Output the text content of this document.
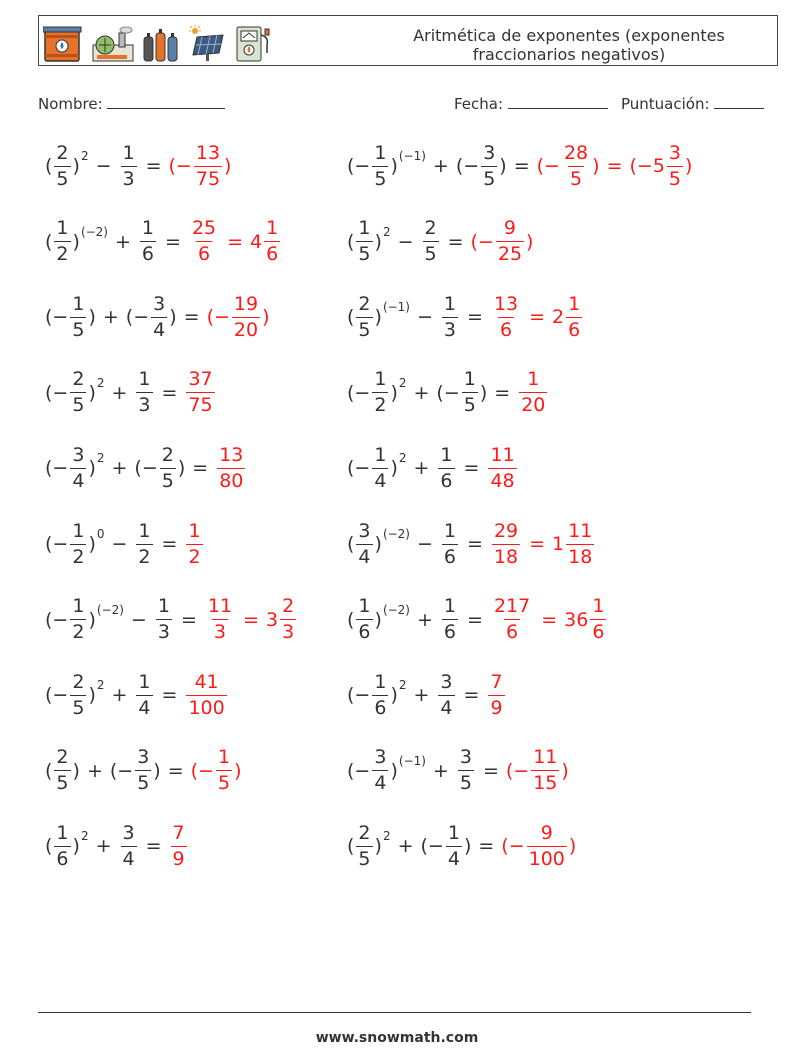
Aritmética de exponentes (exponentes fraccionarios negativos)
Nombre:	Fecha:	Puntuación:
( $\frac{2}{5}$ ) $2 - \frac{1}{3}$ = (− $\frac{13}{75}$ )	(− $\frac{1}{5}$ ) (−1) + (− $\frac{3}{5}$ ) = (− $\frac{28}{5}$ ) = ($-5 \frac{3}{5}$ )
( $\frac{1}{2}$ ) $(-2) + \frac{1}{6} = \frac{25}{6} = 4 \frac{1}{6}$	( $\frac{1}{5}$ ) $2 - \frac{2}{5}$ = (− $\frac{9}{25}$ )
(− $\frac{1}{5}$ ) + (− $\frac{3}{4}$ ) = (− $\frac{19}{20}$ )	( $\frac{2}{5}$ ) $(-1) - \frac{1}{3} = \frac{13}{6} = 2 \frac{1}{6}$
(− $\frac{2}{5}$ ) $2 + \frac{1}{3} = \frac{37}{75}$	(− $\frac{1}{2}$ ) 2 + (− $\frac{1}{5}$ ) = $\frac{1}{20}$
(− $\frac{3}{4}$ ) 2 + (− $\frac{2}{5}$ ) = $\frac{13}{80}$	(− $\frac{1}{4}$ ) $2 + \frac{1}{6} = \frac{11}{48}$
(− $\frac{1}{2}$ ) $0 - \frac{1}{2} = \frac{1}{2}$	( $\frac{3}{4}$ ) $(-2) - \frac{1}{6} = \frac{29}{18} = 1 \frac{11}{18}$
(− $\frac{1}{2}$ ) $(-2) - \frac{1}{3} = \frac{11}{3} = 3 \frac{2}{3}$	( $\frac{1}{6}$ ) $(-2) + \frac{1}{6} = \frac{217}{6} = 36 \frac{1}{6}$
(− $\frac{2}{5}$ ) $2 + \frac{1}{4} = \frac{41}{100}$	(− $\frac{1}{6}$ ) $2 + \frac{3}{4} = \frac{7}{9}$
( $\frac{2}{5}$ ) + (− $\frac{3}{5}$ ) = (− $\frac{1}{5}$ )	(− $\frac{3}{4}$ ) $(-1) + \frac{3}{5}$ = (− $\frac{11}{15}$ )
( $\frac{1}{6}$ ) $2 + \frac{3}{4} = \frac{7}{9}$	( $\frac{2}{5}$ ) 2 + (− $\frac{1}{4}$ ) = (− $\frac{9}{100}$ )
www.snowmath.com
